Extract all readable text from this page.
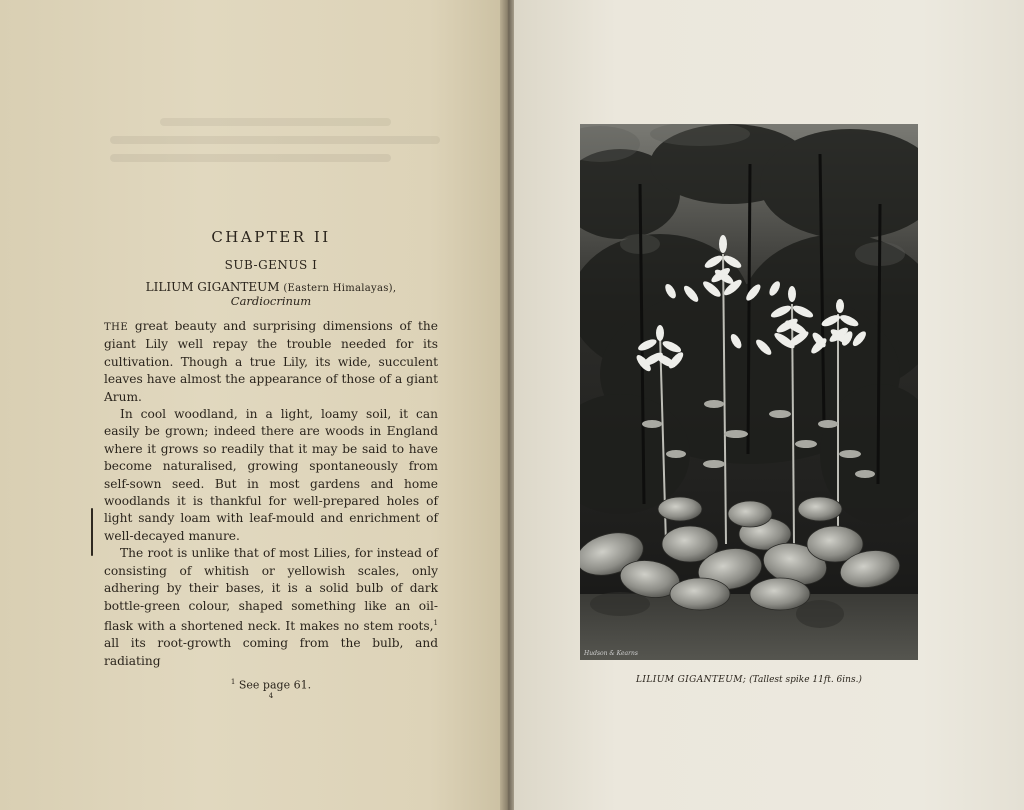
CHAPTER II
SUB-GENUS I
LILIUM GIGANTEUM (Eastern Himalayas),
Cardiocrinum

THE great beauty and surprising dimensions of the giant Lily well repay the trouble needed for its cultivation. Though a true Lily, its wide, succulent leaves have almost the appearance of those of a giant Arum.

In cool woodland, in a light, loamy soil, it can easily be grown; indeed there are woods in England where it grows so readily that it may be said to have become naturalised, growing spontaneously from self-sown seed. But in most gardens and home woodlands it is thankful for well-prepared holes of light sandy loam with leaf-mould and enrichment of well-decayed manure.

The root is unlike that of most Lilies, for instead of consisting of whitish or yellowish scales, only adhering by their bases, it is a solid bulb of dark bottle-green colour, shaped something like an oil-flask with a shortened neck. It makes no stem roots,$^1$ all its root-growth coming from the bulb, and radiating

$^1$ See page 61.
4
Hudson & Kearns
LILIUM GIGANTEUM; (Tallest spike 11ft. 6ins.)
